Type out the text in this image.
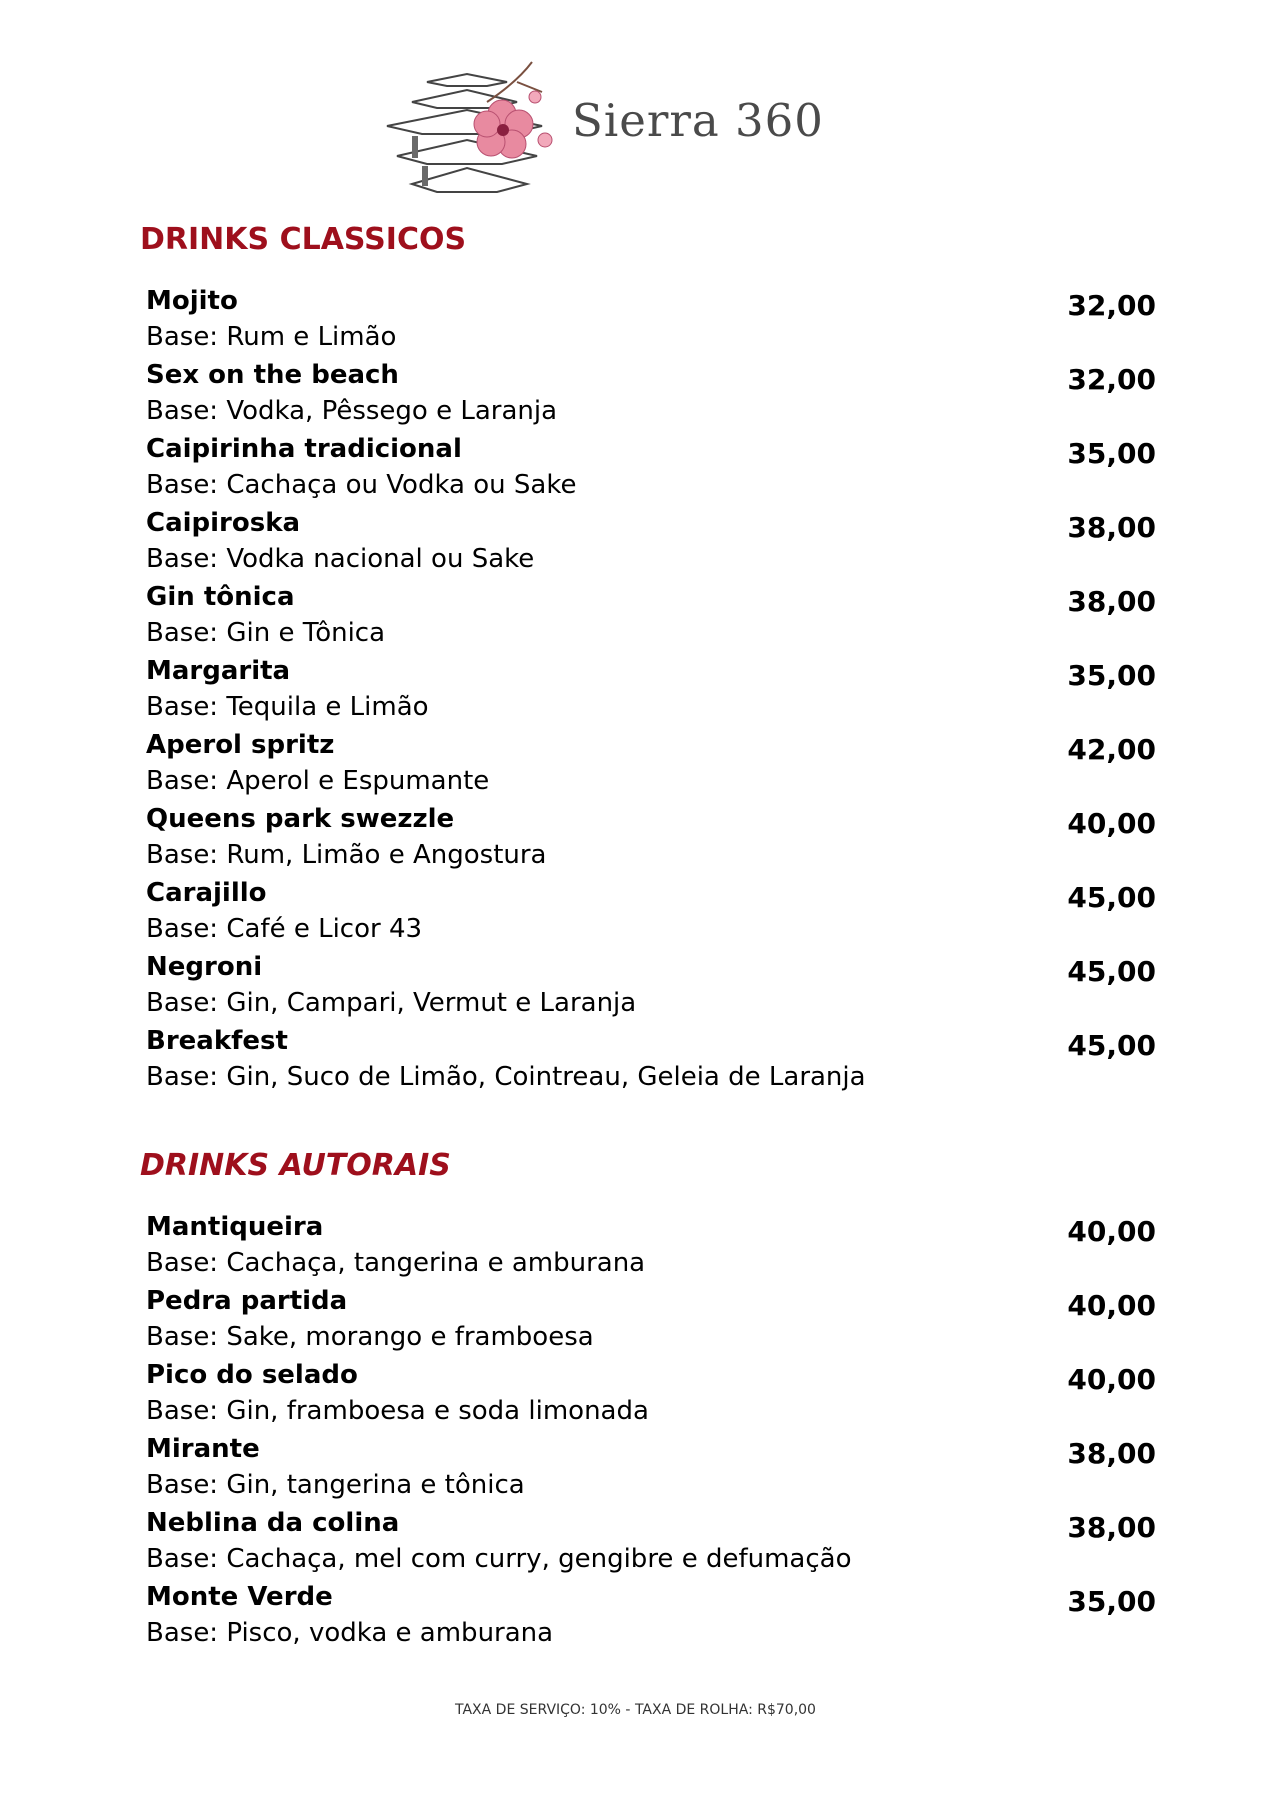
Sierra 360
DRINKS CLASSICOS
Mojito
Base: Rum e Limão
32,00
Sex on the beach
Base: Vodka, Pêssego e Laranja
32,00
Caipirinha tradicional
Base: Cachaça ou Vodka ou Sake
35,00
Caipiroska
Base: Vodka nacional ou Sake
38,00
Gin tônica
Base: Gin e Tônica
38,00
Margarita
Base: Tequila e Limão
35,00
Aperol spritz
Base: Aperol e Espumante
42,00
Queens park swezzle
Base: Rum, Limão e Angostura
40,00
Carajillo
Base: Café e Licor 43
45,00
Negroni
Base: Gin, Campari, Vermut e Laranja
45,00
Breakfest
Base: Gin, Suco de Limão, Cointreau, Geleia de Laranja
45,00
DRINKS AUTORAIS
Mantiqueira
Base: Cachaça, tangerina e amburana
40,00
Pedra partida
Base: Sake, morango e framboesa
40,00
Pico do selado
Base: Gin, framboesa e soda limonada
40,00
Mirante
Base: Gin, tangerina e tônica
38,00
Neblina da colina
Base: Cachaça, mel com curry, gengibre e defumação
38,00
Monte Verde
Base: Pisco, vodka e amburana
35,00
TAXA DE SERVIÇO: 10% - TAXA DE ROLHA: R$70,00
